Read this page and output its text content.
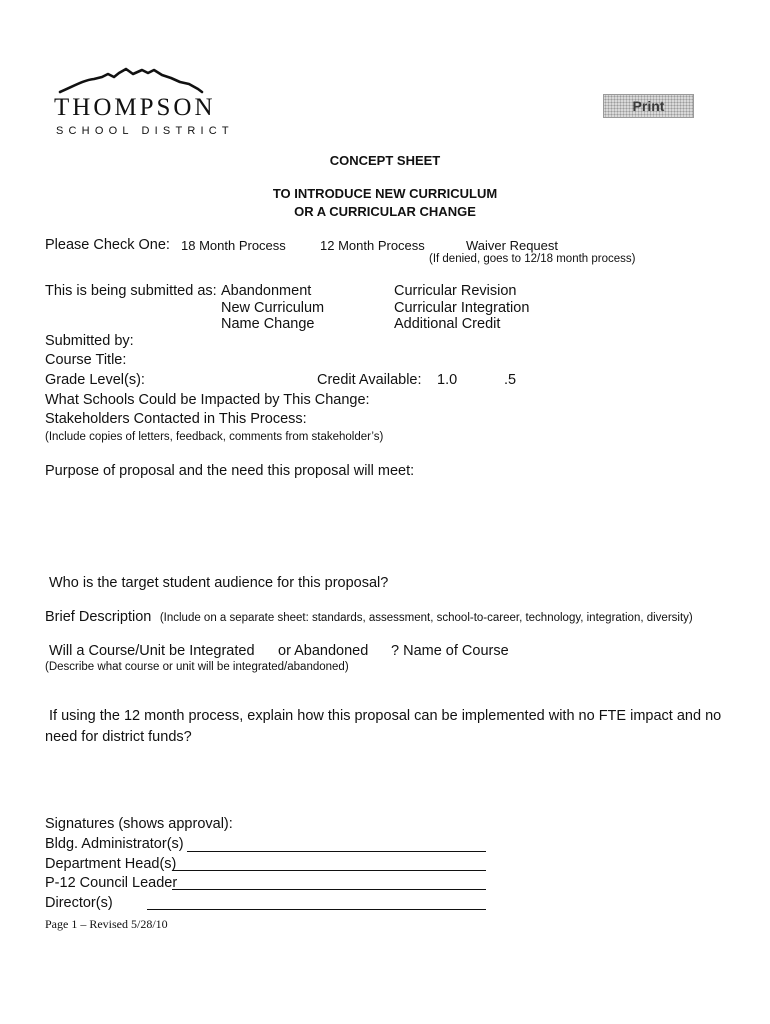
THOMPSON
SCHOOL DISTRICT
Print
CONCEPT SHEET
TO INTRODUCE NEW CURRICULUM
OR A CURRICULAR CHANGE
Please Check One: 18 Month Process	12 Month Process	Waiver Request
(If denied, goes to 12/18 month process)
This is being submitted as: Abandonment
New Curriculum
Name Change
Curricular Revision
Curricular Integration
Additional Credit
Submitted by:
Course Title:
Grade Level(s):	Credit Available: 1.0	.5
What Schools Could be Impacted by This Change:
Stakeholders Contacted in This Process:
(Include copies of letters, feedback, comments from stakeholder’s)
Purpose of proposal and the need this proposal will meet:
Who is the target student audience for this proposal?
Brief Description (Include on a separate sheet: standards, assessment, school-to-career, technology, integration, diversity)
Will a Course/Unit be Integrated or Abandoned ? Name of Course
(Describe what course or unit will be integrated/abandoned)
If using the 12 month process, explain how this proposal can be implemented with no FTE impact and no
need for district funds?
Signatures (shows approval):
Bldg. Administrator(s)
Department Head(s)
P-12 Council Leader
Director(s)
Page 1 – Revised 5/28/10
